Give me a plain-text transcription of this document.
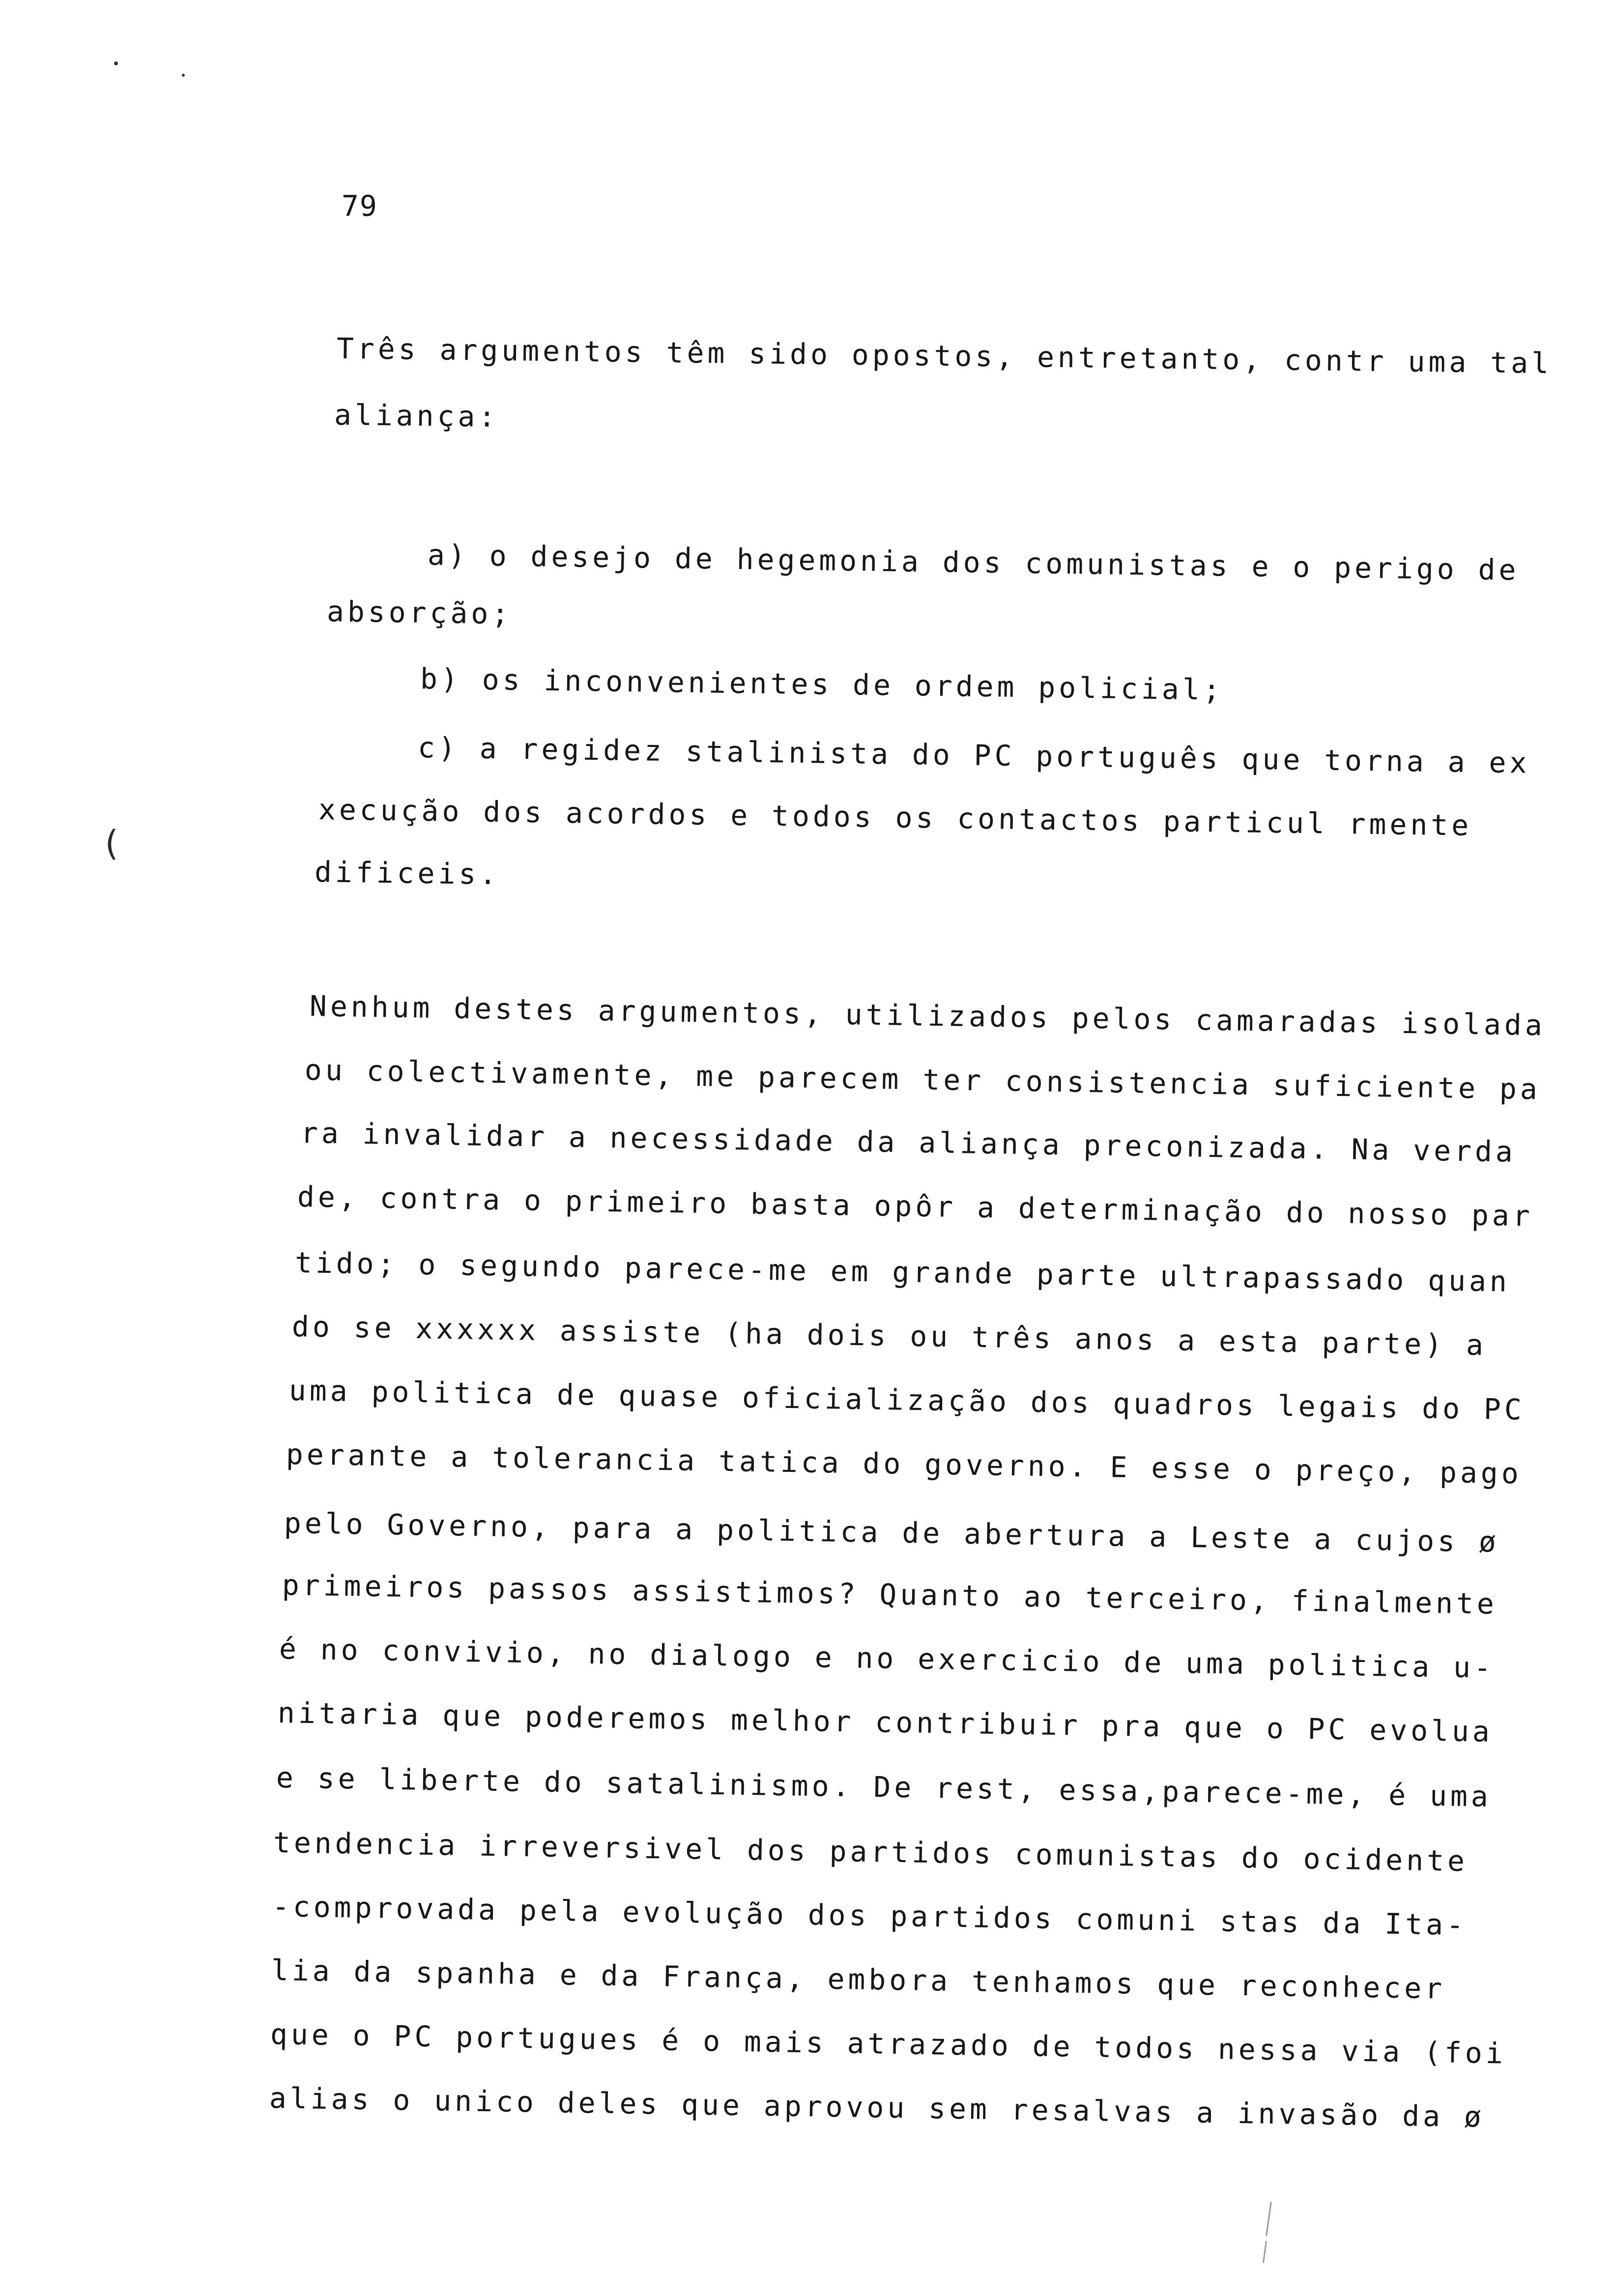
79
Três argumentos têm sido opostos, entretanto, contr uma tal
aliança:
a) o desejo de hegemonia dos comunistas e o perigo de
absorção;
b) os inconvenientes de ordem policial;
c) a regidez stalinista do PC português que torna a ex
xecução dos acordos e todos os contactos particul rmente
dificeis.
(
Nenhum destes argumentos, utilizados pelos camaradas isolada
ou colectivamente, me parecem ter consistencia suficiente pa
ra invalidar a necessidade da aliança preconizada. Na verda
de, contra o primeiro basta opôr a determinação do nosso par
tido; o segundo parece-me em grande parte ultrapassado quan
do se xxxxxx assiste (ha dois ou três anos a esta parte) a
uma politica de quase oficialização dos quadros legais do PC
perante a tolerancia tatica do governo. E esse o preço, pago
pelo Governo, para a politica de abertura a Leste a cujos ø
primeiros passos assistimos? Quanto ao terceiro, finalmente
é no convivio, no dialogo e no exercicio de uma politica u-
nitaria que poderemos melhor contribuir pra que o PC evolua
e se liberte do satalinismo. De rest, essa,parece-me, é uma
tendencia irreversivel dos partidos comunistas do ocidente
-comprovada pela evolução dos partidos comuni stas da Ita-
lia da spanha e da França, embora tenhamos que reconhecer
que o PC portugues é o mais atrazado de todos nessa via (foi
alias o unico deles que aprovou sem resalvas a invasão da ø
